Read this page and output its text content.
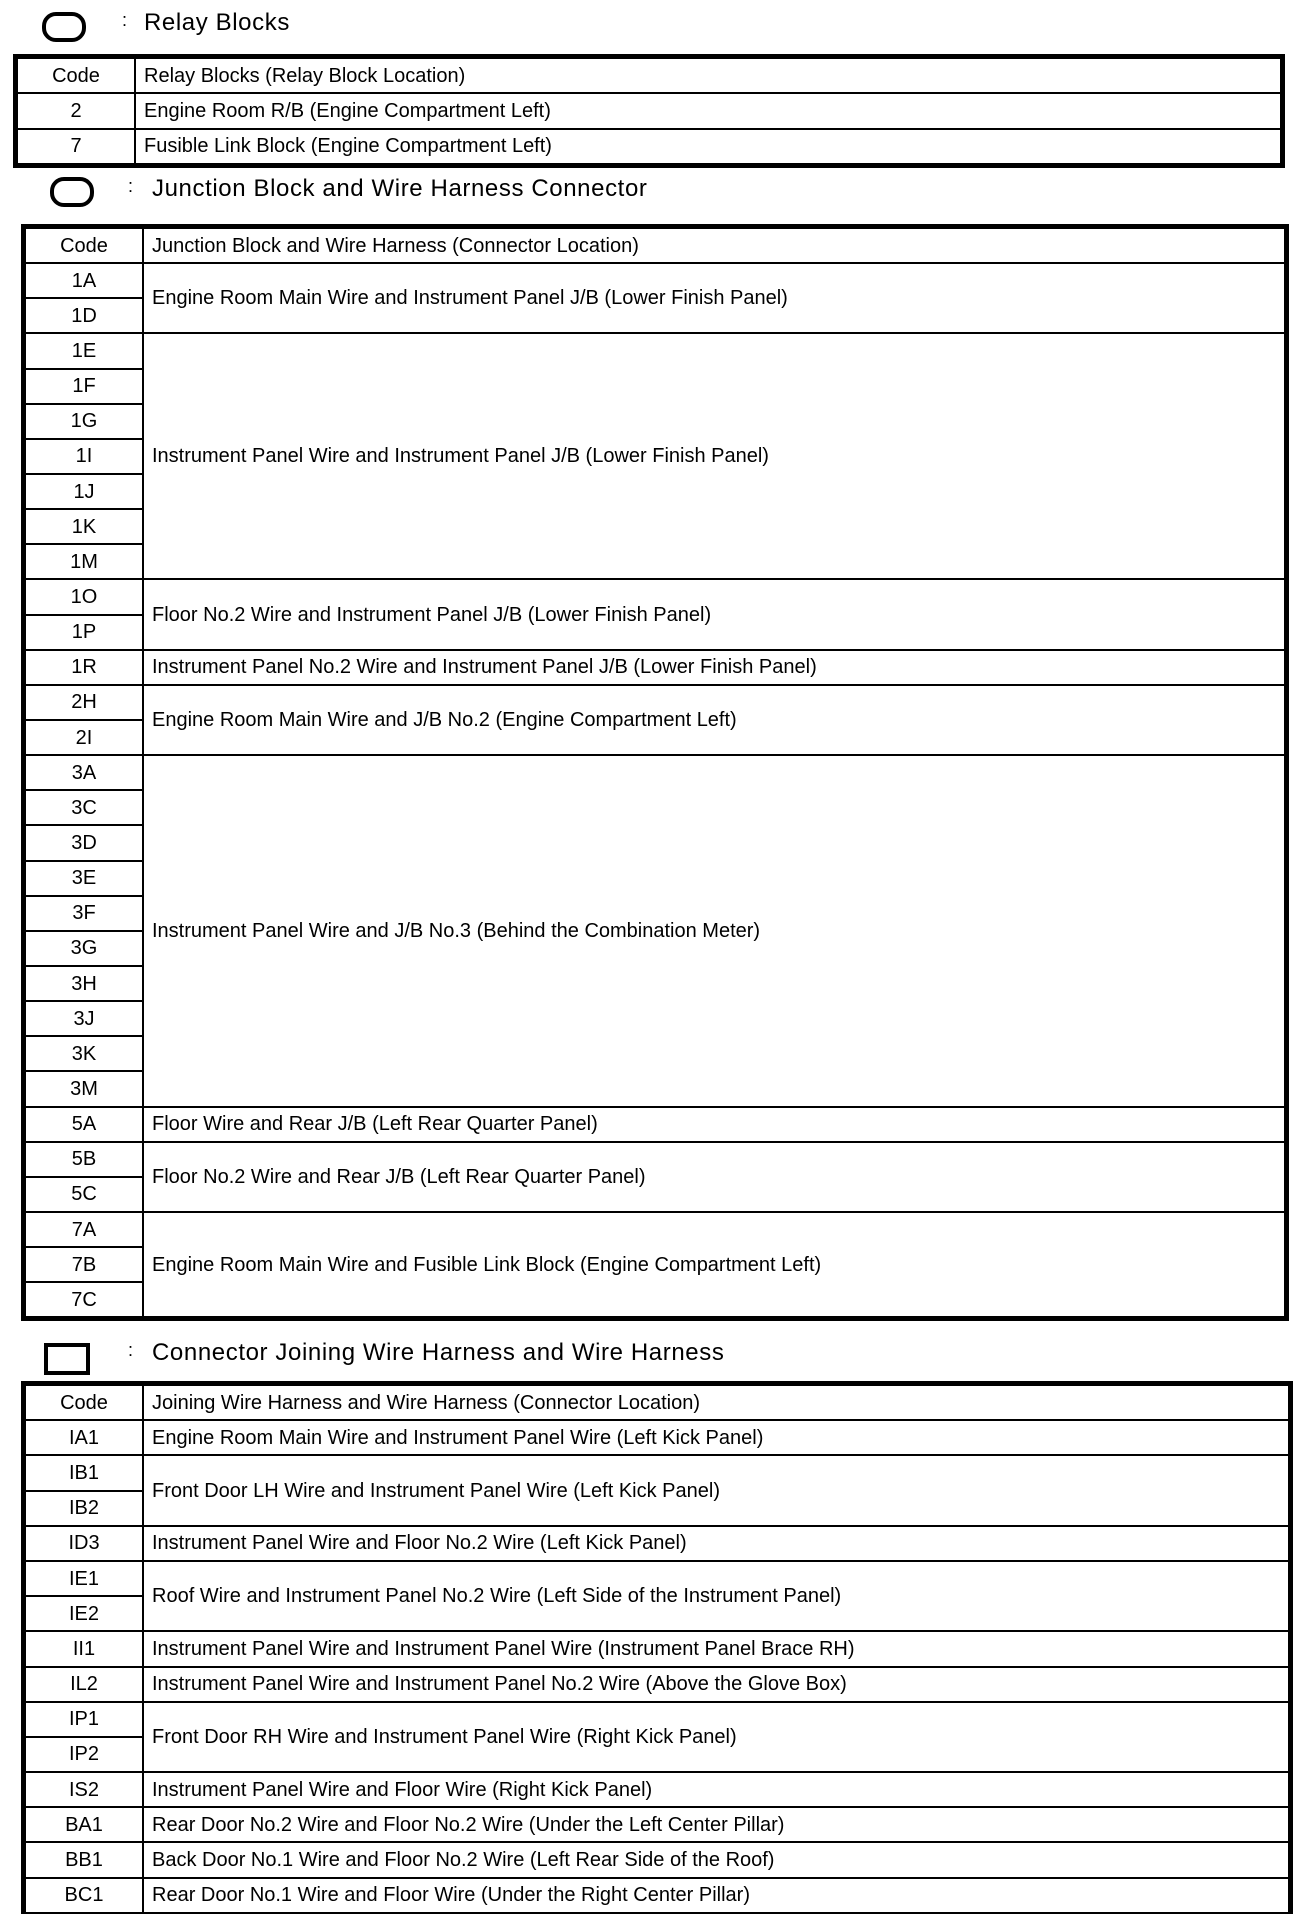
: Relay Blocks
Code	Relay Blocks (Relay Block Location)
2	Engine Room R/B (Engine Compartment Left)
7	Fusible Link Block (Engine Compartment Left)
: Junction Block and Wire Harness Connector
Code	Junction Block and Wire Harness (Connector Location)
1A	Engine Room Main Wire and Instrument Panel J/B (Lower Finish Panel)
1D	
1E	Instrument Panel Wire and Instrument Panel J/B (Lower Finish Panel)
1F	
1G	
1I	
1J	
1K	
1M	
1O	Floor No.2 Wire and Instrument Panel J/B (Lower Finish Panel)
1P	
1R	Instrument Panel No.2 Wire and Instrument Panel J/B (Lower Finish Panel)
2H	Engine Room Main Wire and J/B No.2 (Engine Compartment Left)
2I	
3A	Instrument Panel Wire and J/B No.3 (Behind the Combination Meter)
3C	
3D	
3E	
3F	
3G	
3H	
3J	
3K	
3M	
5A	Floor Wire and Rear J/B (Left Rear Quarter Panel)
5B	Floor No.2 Wire and Rear J/B (Left Rear Quarter Panel)
5C	
7A	Engine Room Main Wire and Fusible Link Block (Engine Compartment Left)
7B	
7C	
: Connector Joining Wire Harness and Wire Harness
Code	Joining Wire Harness and Wire Harness (Connector Location)
IA1	Engine Room Main Wire and Instrument Panel Wire (Left Kick Panel)
IB1	Front Door LH Wire and Instrument Panel Wire (Left Kick Panel)
IB2	
ID3	Instrument Panel Wire and Floor No.2 Wire (Left Kick Panel)
IE1	Roof Wire and Instrument Panel No.2 Wire (Left Side of the Instrument Panel)
IE2	
II1	Instrument Panel Wire and Instrument Panel Wire (Instrument Panel Brace RH)
IL2	Instrument Panel Wire and Instrument Panel No.2 Wire (Above the Glove Box)
IP1	Front Door RH Wire and Instrument Panel Wire (Right Kick Panel)
IP2	
IS2	Instrument Panel Wire and Floor Wire (Right Kick Panel)
BA1	Rear Door No.2 Wire and Floor No.2 Wire (Under the Left Center Pillar)
BB1	Back Door No.1 Wire and Floor No.2 Wire (Left Rear Side of the Roof)
BC1	Rear Door No.1 Wire and Floor Wire (Under the Right Center Pillar)
